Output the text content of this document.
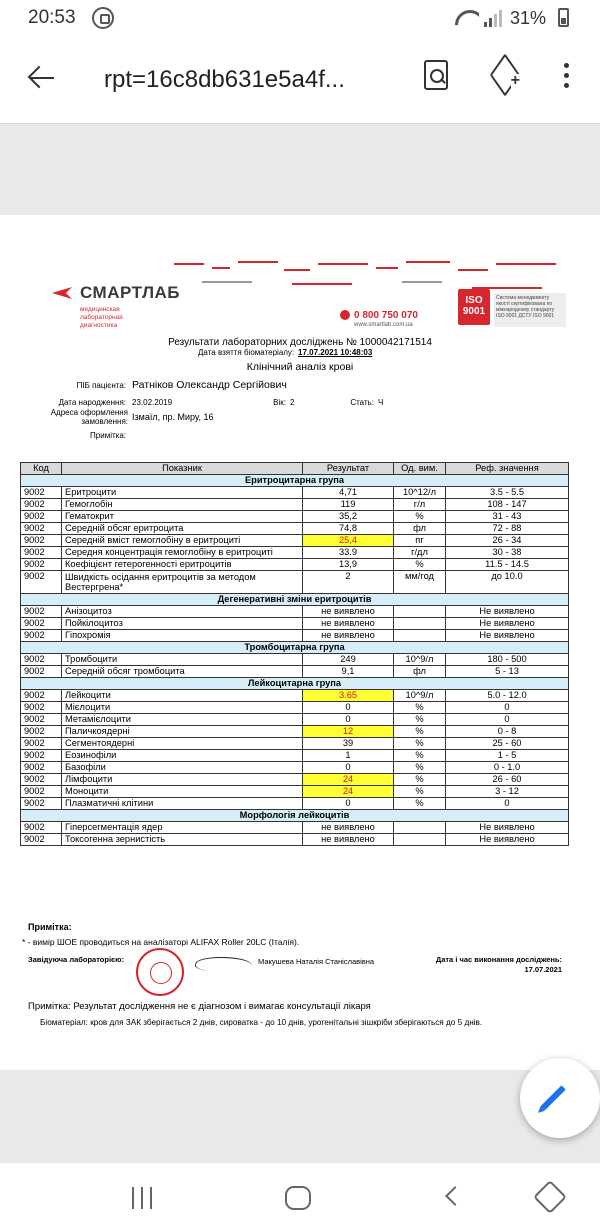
20:53	31%
rpt=16c8db631e5a4f...	+
СМАРТЛАБ
медицинская лабораторная диагностика
0 800 750 070
www.smartlab.com.ua
ISO 9001
Система менеджменту якості сертифікована по міжнародному стандарту ISO 9001 ДСТУ ISO 9001
Результати лабораторних досліджень № 1000042171514
Дата взяття біоматеріалу: 17.07.2021 10:48:03
Клінічний аналіз крові
ПІБ пацієнта: Ратніков Олександр Сергійович
Дата народження: 23.02.2019	Вік: 2	Стать: Ч
Адреса оформлення замовлення: Ізмаїл, пр. Миру, 16
Примітка:
Код	Показник	Результат	Од. вим.	Реф. значення
Еритроцитарна група				
9002	Еритроцити	4,71	10^12/л	3.5 - 5.5
9002	Гемоглобін	119	г/л	108 - 147
9002	Гематокрит	35,2	%	31 - 43
9002	Середній обсяг еритроцита	74,8	фл	72 - 88
9002	Середній вміст гемоглобіну в еритроциті	25,4	пг	26 - 34
9002	Середня концентрація гемоглобіну в еритроциті	33.9	г/дл	30 - 38
9002	Коефіцієнт гетерогенності еритроцитів	13,9	%	11.5 - 14.5
9002	Швидкість осідання еритроцитів за методом Вестергрена*	2	мм/год	до 10.0
Дегенеративні зміни еритроцитів				
9002	Анізоцитоз	не виявлено		Не виявлено
9002	Пойкілоцитоз	не виявлено		Не виявлено
9002	Гіпохромія	не виявлено		Не виявлено
Тромбоцитарна група				
9002	Тромбоцити	249	10^9/л	180 - 500
9002	Середній обсяг тромбоцита	9,1	фл	5 - 13
Лейкоцитарна група				
9002	Лейкоцити	3.65	10^9/л	5.0 - 12.0
9002	Мієлоцити	0	%	0
9002	Метамієлоцити	0	%	0
9002	Паличкоядерні	12	%	0 - 8
9002	Сегментоядерні	39	%	25 - 60
9002	Еозинофіли	1	%	1 - 5
9002	Базофіли	0	%	0 - 1.0
9002	Лімфоцити	24	%	26 - 60
9002	Моноцити	24	%	3 - 12
9002	Плазматичні клітини	0	%	0
Морфологія лейкоцитів				
9002	Гіперсегментація ядер	не виявлено		Не виявлено
9002	Токсогенна зернистість	не виявлено		Не виявлено
Примітка:
* - вимір ШОЕ проводиться на аналізаторі ALIFAX Roller 20LC (Італія).
Завідуюча лабораторією:	Макушева Наталія Станіславівна	Дата і час виконання досліджень:
17.07.2021
Примітка: Результат дослідження не є діагнозом і вимагає консультації лікаря
Біоматеріал: кров для ЗАК зберігається 2 днів, сироватка - до 10 днів, урогенітальні зішкріби зберігаються до 5 днів.
